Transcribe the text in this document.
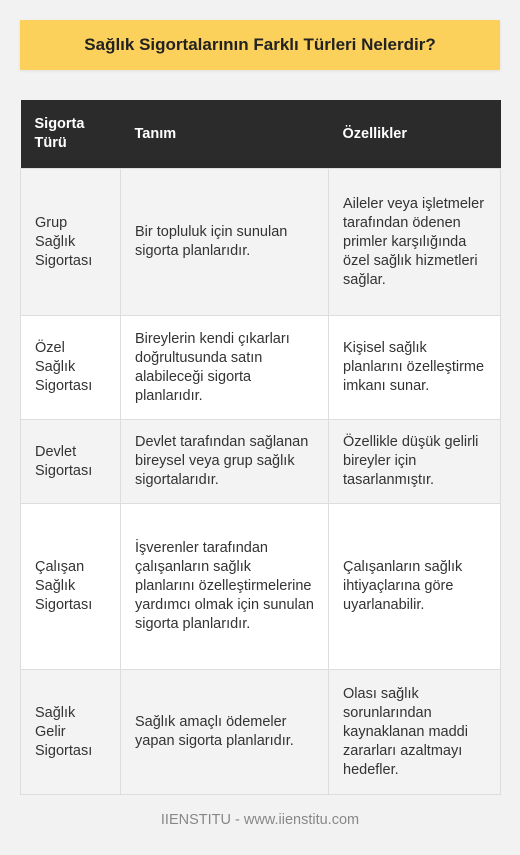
Sağlık Sigortalarının Farklı Türleri Nelerdir?
Sigorta Türü	Tanım	Özellikler
Grup Sağlık Sigortası	Bir topluluk için sunulan sigorta planlarıdır.	Aileler veya işletmeler tarafından ödenen primler karşılığında özel sağlık hizmetleri sağlar.
Özel Sağlık Sigortası	Bireylerin kendi çıkarları doğrultusunda satın alabileceği sigorta planlarıdır.	Kişisel sağlık planlarını özelleştirme imkanı sunar.
Devlet Sigortası	Devlet tarafından sağlanan bireysel veya grup sağlık sigortalarıdır.	Özellikle düşük gelirli bireyler için tasarlanmıştır.
Çalışan Sağlık Sigortası	İşverenler tarafından çalışanların sağlık planlarını özelleştirmelerine yardımcı olmak için sunulan sigorta planlarıdır.	Çalışanların sağlık ihtiyaçlarına göre uyarlanabilir.
Sağlık Gelir Sigortası	Sağlık amaçlı ödemeler yapan sigorta planlarıdır.	Olası sağlık sorunlarından kaynaklanan maddi zararları azaltmayı hedefler.
IIENSTITU - www.iienstitu.com
